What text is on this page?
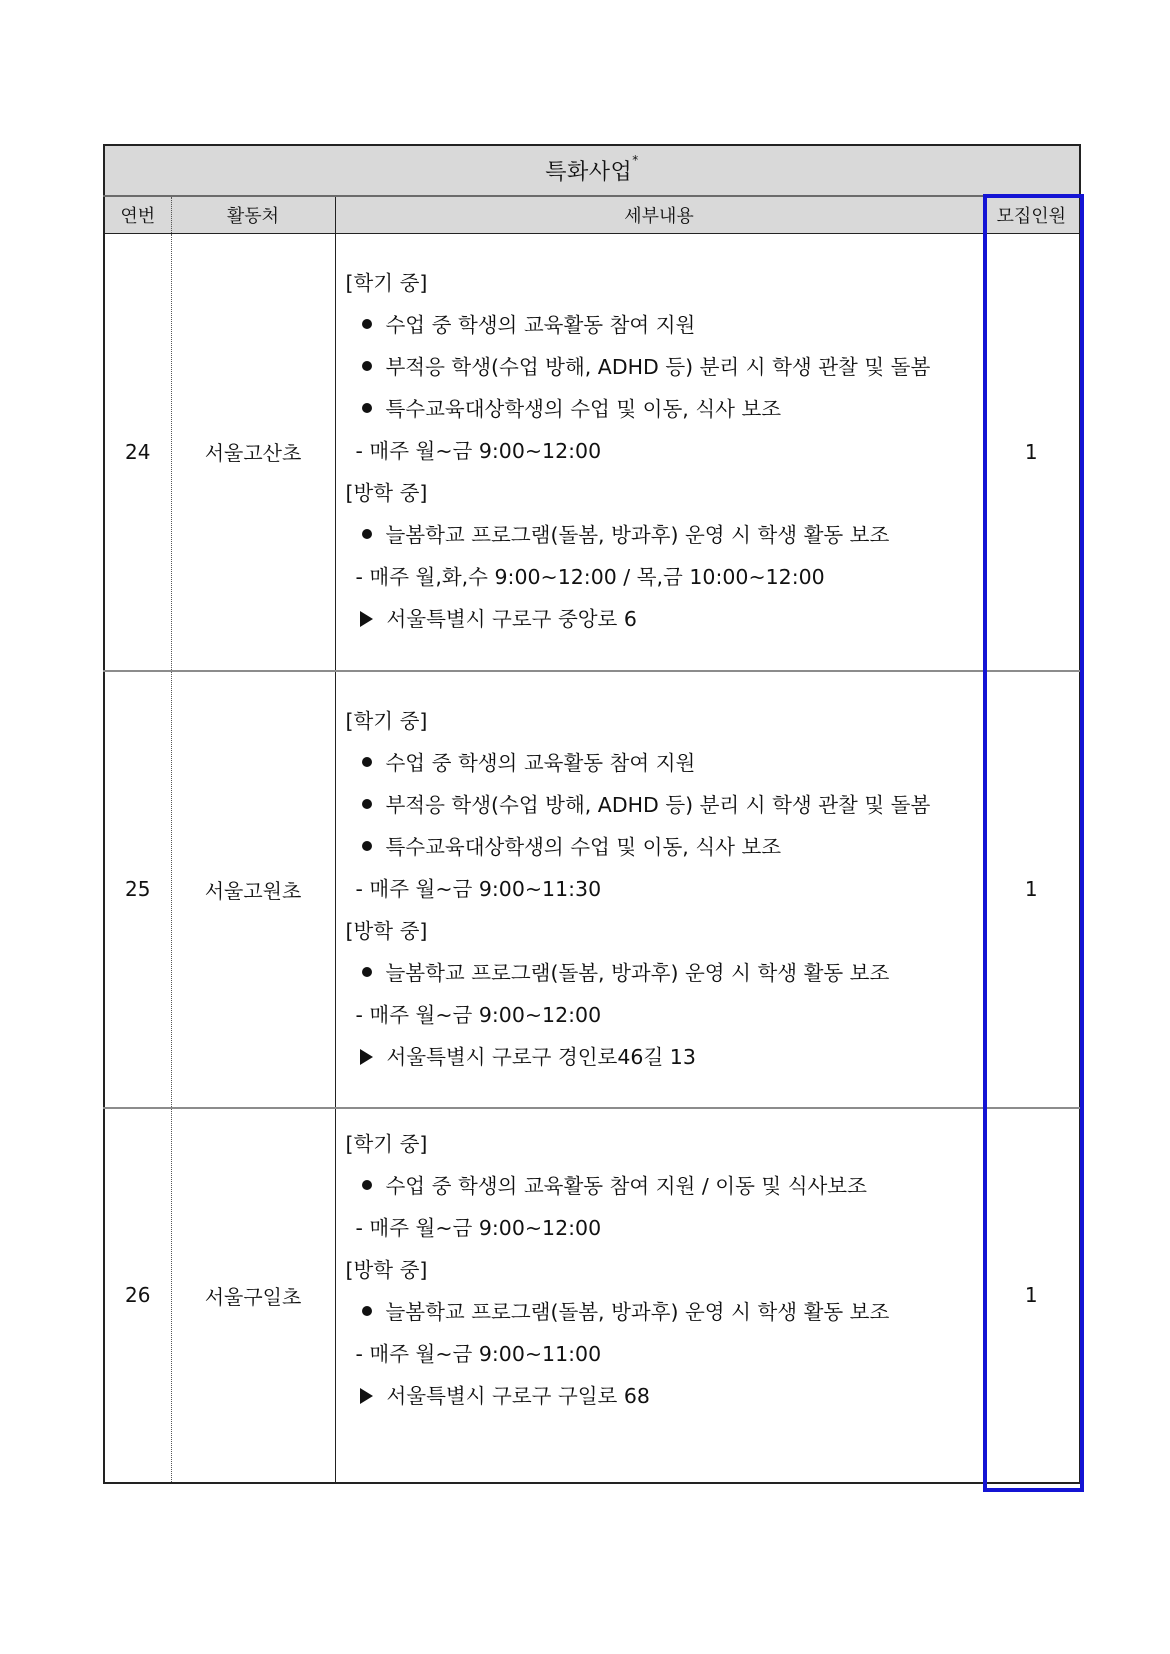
특화사업*
연번	활동처	세부내용	모집인원
24	서울고산초	
[학기 중]
수업 중 학생의 교육활동 참여 지원
부적응 학생(수업 방해, ADHD 등) 분리 시 학생 관찰 및 돌봄
특수교육대상학생의 수업 및 이동, 식사 보조
- 매주 월~금 9:00~12:00
[방학 중]
늘봄학교 프로그램(돌봄, 방과후) 운영 시 학생 활동 보조
- 매주 월,화,수 9:00~12:00 / 목,금 10:00~12:00
서울특별시 구로구 중앙로 6
	1
25	서울고원초	
[학기 중]
수업 중 학생의 교육활동 참여 지원
부적응 학생(수업 방해, ADHD 등) 분리 시 학생 관찰 및 돌봄
특수교육대상학생의 수업 및 이동, 식사 보조
- 매주 월~금 9:00~11:30
[방학 중]
늘봄학교 프로그램(돌봄, 방과후) 운영 시 학생 활동 보조
- 매주 월~금 9:00~12:00
서울특별시 구로구 경인로46길 13
	1
26	서울구일초	
[학기 중]
수업 중 학생의 교육활동 참여 지원 / 이동 및 식사보조
- 매주 월~금 9:00~12:00
[방학 중]
늘봄학교 프로그램(돌봄, 방과후) 운영 시 학생 활동 보조
- 매주 월~금 9:00~11:00
서울특별시 구로구 구일로 68
	1
